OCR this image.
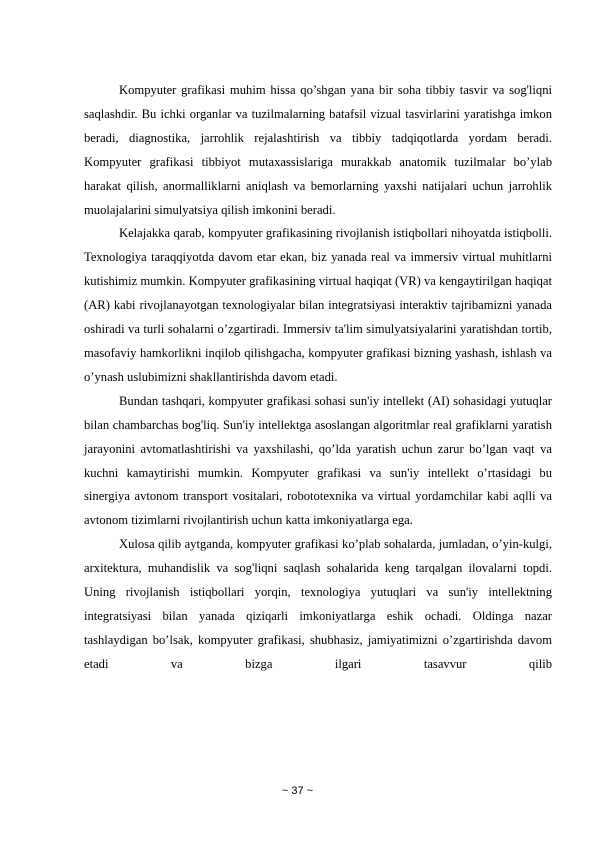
Kompyuter grafikasi muhim hissa qo’shgan yana bir soha tibbiy tasvir va sog'liqni saqlashdir. Bu ichki organlar va tuzilmalarning batafsil vizual tasvirlarini yaratishga imkon beradi, diagnostika, jarrohlik rejalashtirish va tibbiy tadqiqotlarda yordam beradi. Kompyuter grafikasi tibbiyot mutaxassislariga murakkab anatomik tuzilmalar bo’ylab harakat qilish, anormalliklarni aniqlash va bemorlarning yaxshi natijalari uchun jarrohlik muolajalarini simulyatsiya qilish imkonini beradi.

Kelajakka qarab, kompyuter grafikasining rivojlanish istiqbollari nihoyatda istiqbolli. Texnologiya taraqqiyotda davom etar ekan, biz yanada real va immersiv virtual muhitlarni kutishimiz mumkin. Kompyuter grafikasining virtual haqiqat (VR) va kengaytirilgan haqiqat (AR) kabi rivojlanayotgan texnologiyalar bilan integratsiyasi interaktiv tajribamizni yanada oshiradi va turli sohalarni o’zgartiradi. Immersiv ta'lim simulyatsiyalarini yaratishdan tortib, masofaviy hamkorlikni inqilob qilishgacha, kompyuter grafikasi bizning yashash, ishlash va o’ynash uslubimizni shakllantirishda davom etadi.

Bundan tashqari, kompyuter grafikasi sohasi sun'iy intellekt (AI) sohasidagi yutuqlar bilan chambarchas bog'liq. Sun'iy intellektga asoslangan algoritmlar real grafiklarni yaratish jarayonini avtomatlashtirishi va yaxshilashi, qo’lda yaratish uchun zarur bo’lgan vaqt va kuchni kamaytirishi mumkin. Kompyuter grafikasi va sun'iy intellekt o’rtasidagi bu sinergiya avtonom transport vositalari, robototexnika va virtual yordamchilar kabi aqlli va avtonom tizimlarni rivojlantirish uchun katta imkoniyatlarga ega.

Xulosa qilib aytganda, kompyuter grafikasi ko’plab sohalarda, jumladan, o’yin-kulgi, arxitektura, muhandislik va sog'liqni saqlash sohalarida keng tarqalgan ilovalarni topdi. Uning rivojlanish istiqbollari yorqin, texnologiya yutuqlari va sun'iy intellektning integratsiyasi bilan yanada qiziqarli imkoniyatlarga eshik ochadi. Oldinga nazar tashlaydigan bo’lsak, kompyuter grafikasi, shubhasiz, jamiyatimizni o’zgartirishda davom etadi va bizga ilgari tasavvur qilib

~ 37 ~
